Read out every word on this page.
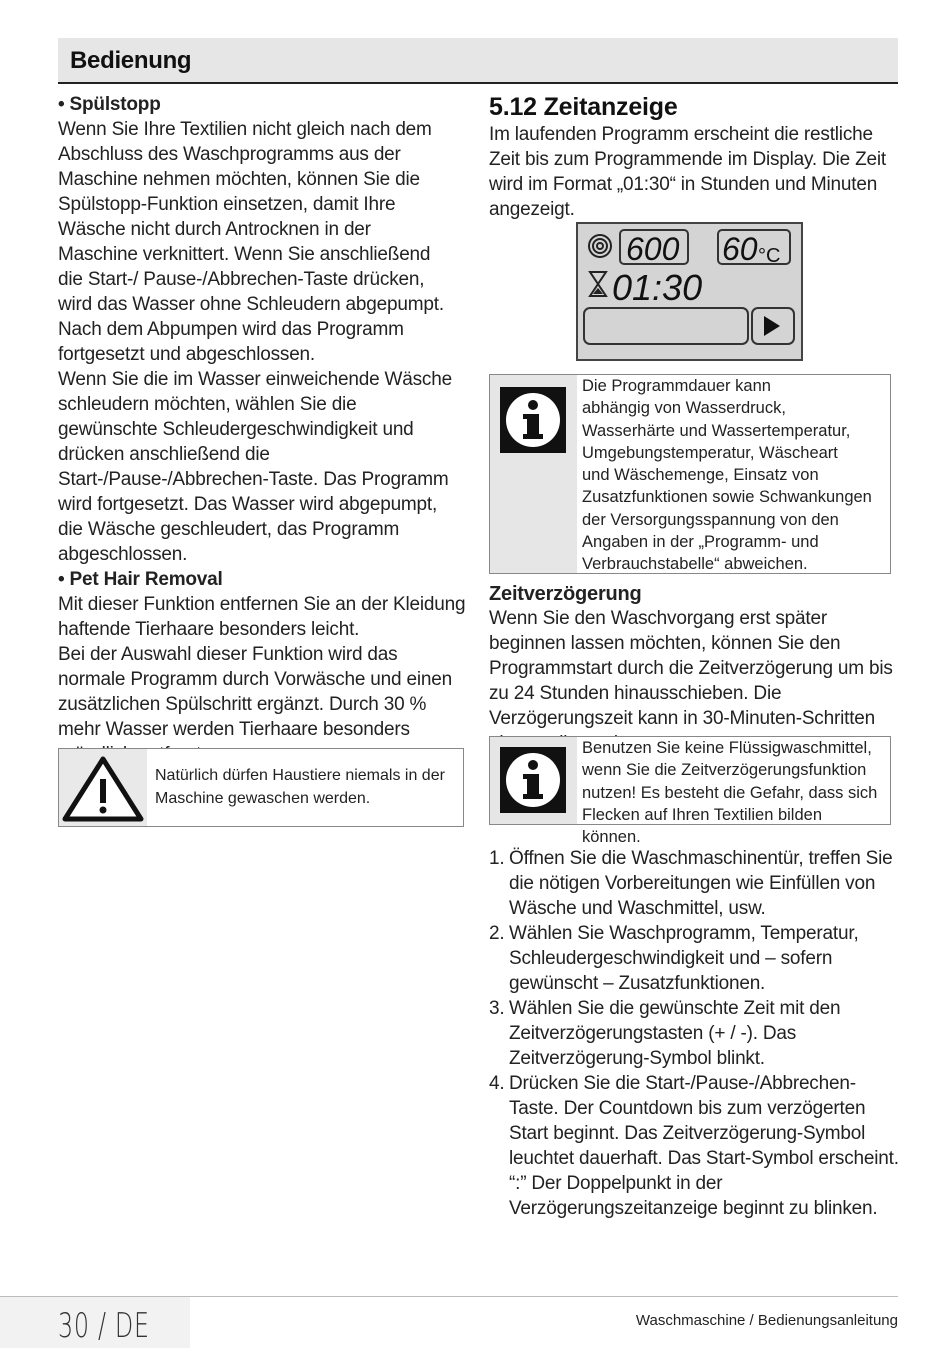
Bedienung

• Spülstopp

Wenn Sie Ihre Textilien nicht gleich nach dem Abschluss des Waschprogramms aus der Maschine nehmen möchten, können Sie die Spülstopp-Funktion einsetzen, damit Ihre Wäsche nicht durch Antrocknen in der Maschine verknittert. Wenn Sie anschließend die Start-/ Pause-/Abbrechen-Taste drücken, wird das Wasser ohne Schleudern abgepumpt. Nach dem Abpumpen wird das Programm fortgesetzt und abgeschlossen.

Wenn Sie die im Wasser einweichende Wäsche schleudern möchten, wählen Sie die gewünschte Schleudergeschwindigkeit und drücken anschließend die Start-/Pause-/Abbrechen-Taste. Das Programm wird fortgesetzt. Das Wasser wird abgepumpt, die Wäsche geschleudert, das Programm abgeschlossen.

• Pet Hair Removal

Mit dieser Funktion entfernen Sie an der Kleidung haftende Tierhaare besonders leicht.

Bei der Auswahl dieser Funktion wird das normale Programm durch Vorwäsche und einen zusätzlichen Spülschritt ergänzt. Durch 30 % mehr Wasser werden Tierhaare besonders

Natürlich dürfen Haustiere niemals in der Maschine gewaschen werden.

5.12 Zeitanzeige

Im laufenden Programm erscheint die restliche Zeit bis zum Programmende im Display. Die Zeit wird im Format „01:30“ in Stunden und Minuten angezeigt.

600 60 °C
01:30
Die Programmdauer kann
abhängig von Wasserdruck,
Wasserhärte und Wassertemperatur,
Umgebungstemperatur, Wäscheart
und Wäschemenge, Einsatz von
Zusatzfunktionen sowie Schwankungen
der Versorgungsspannung von den
Angaben in der „Programm- und
Verbrauchstabelle“ abweichen.

Zeitverzögerung

Wenn Sie den Waschvorgang erst später beginnen lassen möchten, können Sie den Programmstart durch die Zeitverzögerung um bis zu 24 Stunden hinausschieben. Die Verzögerungszeit kann in 30-Minuten-Schritten

Benutzen Sie keine Flüssigwaschmittel,
wenn Sie die Zeitverzögerungsfunktion
nutzen! Es besteht die Gefahr, dass sich
Flecken auf Ihren Textilien bilden können.
1. Öffnen Sie die Waschmaschinentür, treffen Sie die nötigen Vorbereitungen wie Einfüllen von Wäsche und Waschmittel, usw.
2. Wählen Sie Waschprogramm, Temperatur, Schleudergeschwindigkeit und – sofern gewünscht – Zusatzfunktionen.
3. Wählen Sie die gewünschte Zeit mit den Zeitverzögerungstasten (+ / -). Das Zeitverzögerung-Symbol blinkt.
4. Drücken Sie die Start-/Pause-/Abbrechen-Taste. Der Countdown bis zum verzögerten Start beginnt. Das Zeitverzögerung-Symbol leuchtet dauerhaft. Das Start-Symbol erscheint. “:” Der Doppelpunkt in der Verzögerungszeitanzeige beginnt zu blinken.
30 / DE	Waschmaschine / Bedienungsanleitung
